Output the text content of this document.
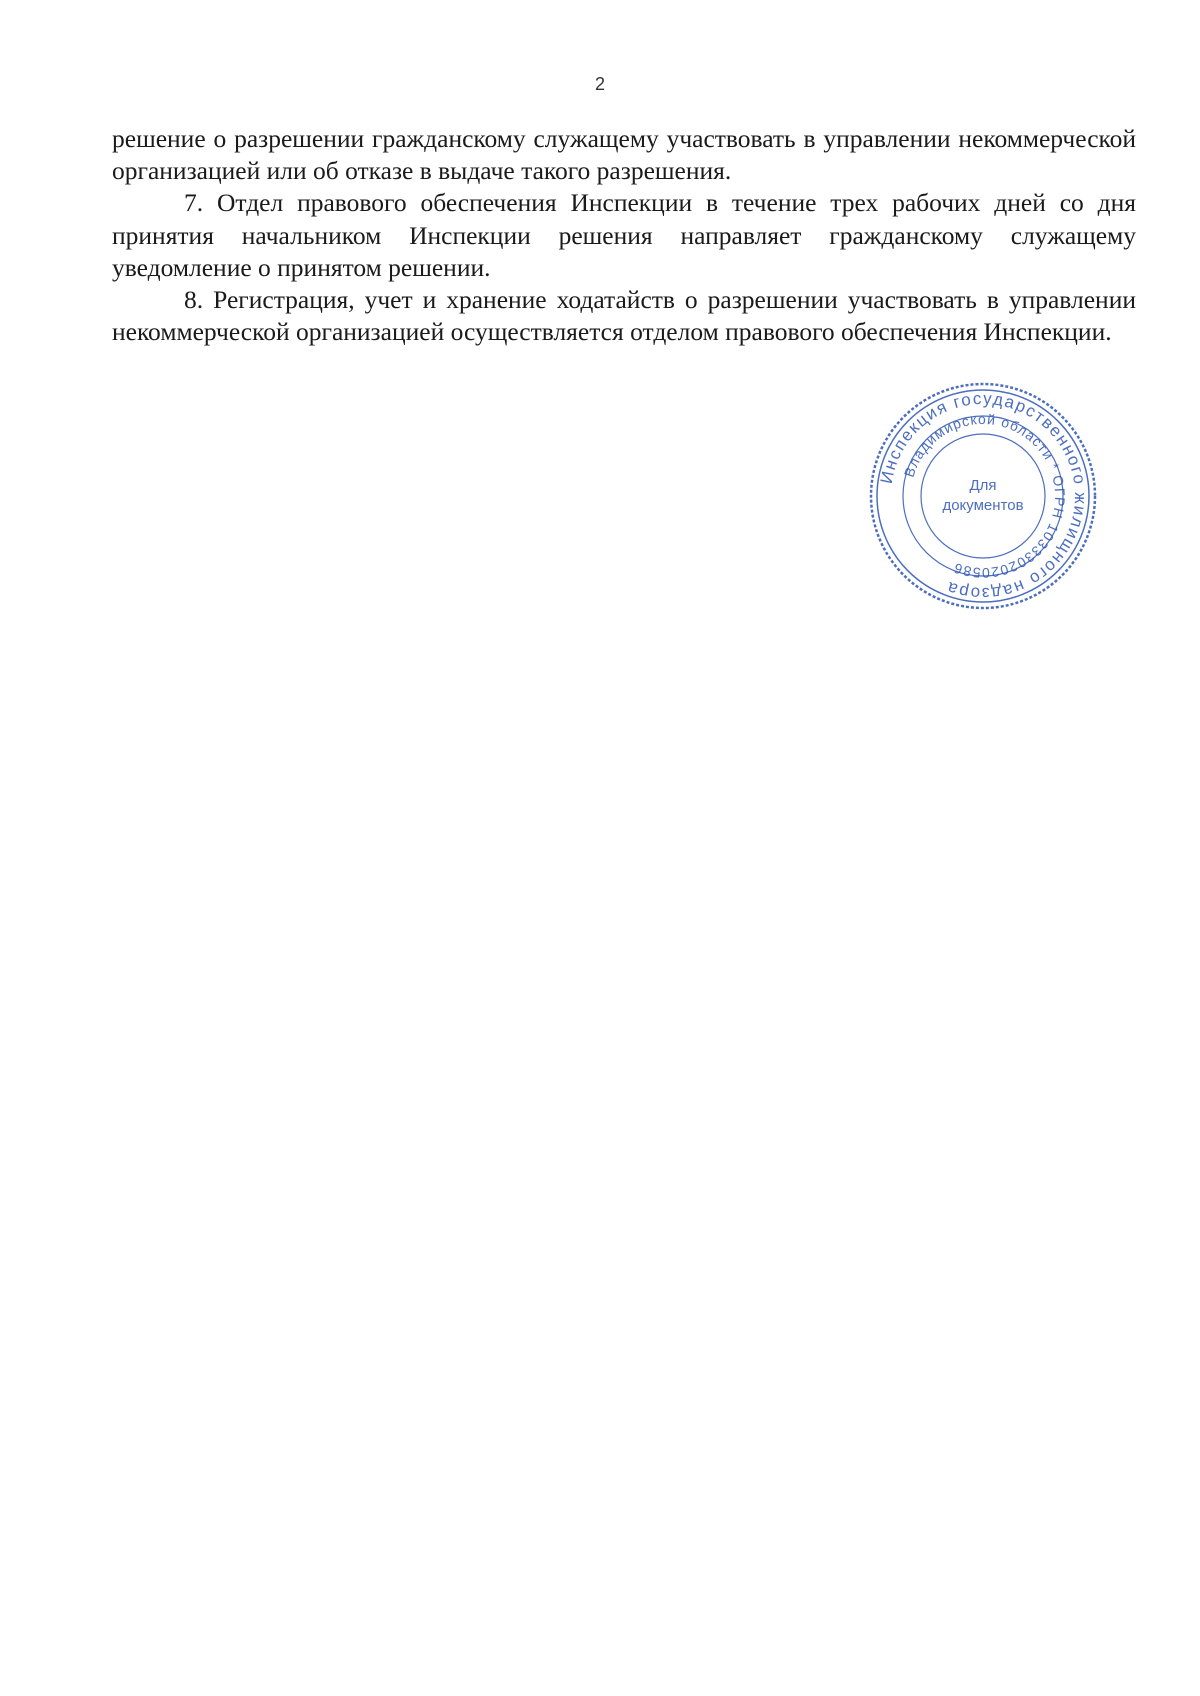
2

решение о разрешении гражданскому служащему участвовать в управлении некоммерческой организацией или об отказе в выдаче такого разрешения.

7. Отдел правового обеспечения Инспекции в течение трех рабочих дней со дня принятия начальником Инспекции решения направляет гражданскому служащему уведомление о принятом решении.

8. Регистрация, учет и хранение ходатайств о разрешении участвовать в управлении некоммерческой организацией осуществляется отделом правового обеспечения Инспекции.

Инспекция государственного жилищного надзора
Владимирской области * ОГРН 1033302020586
Для
документов
